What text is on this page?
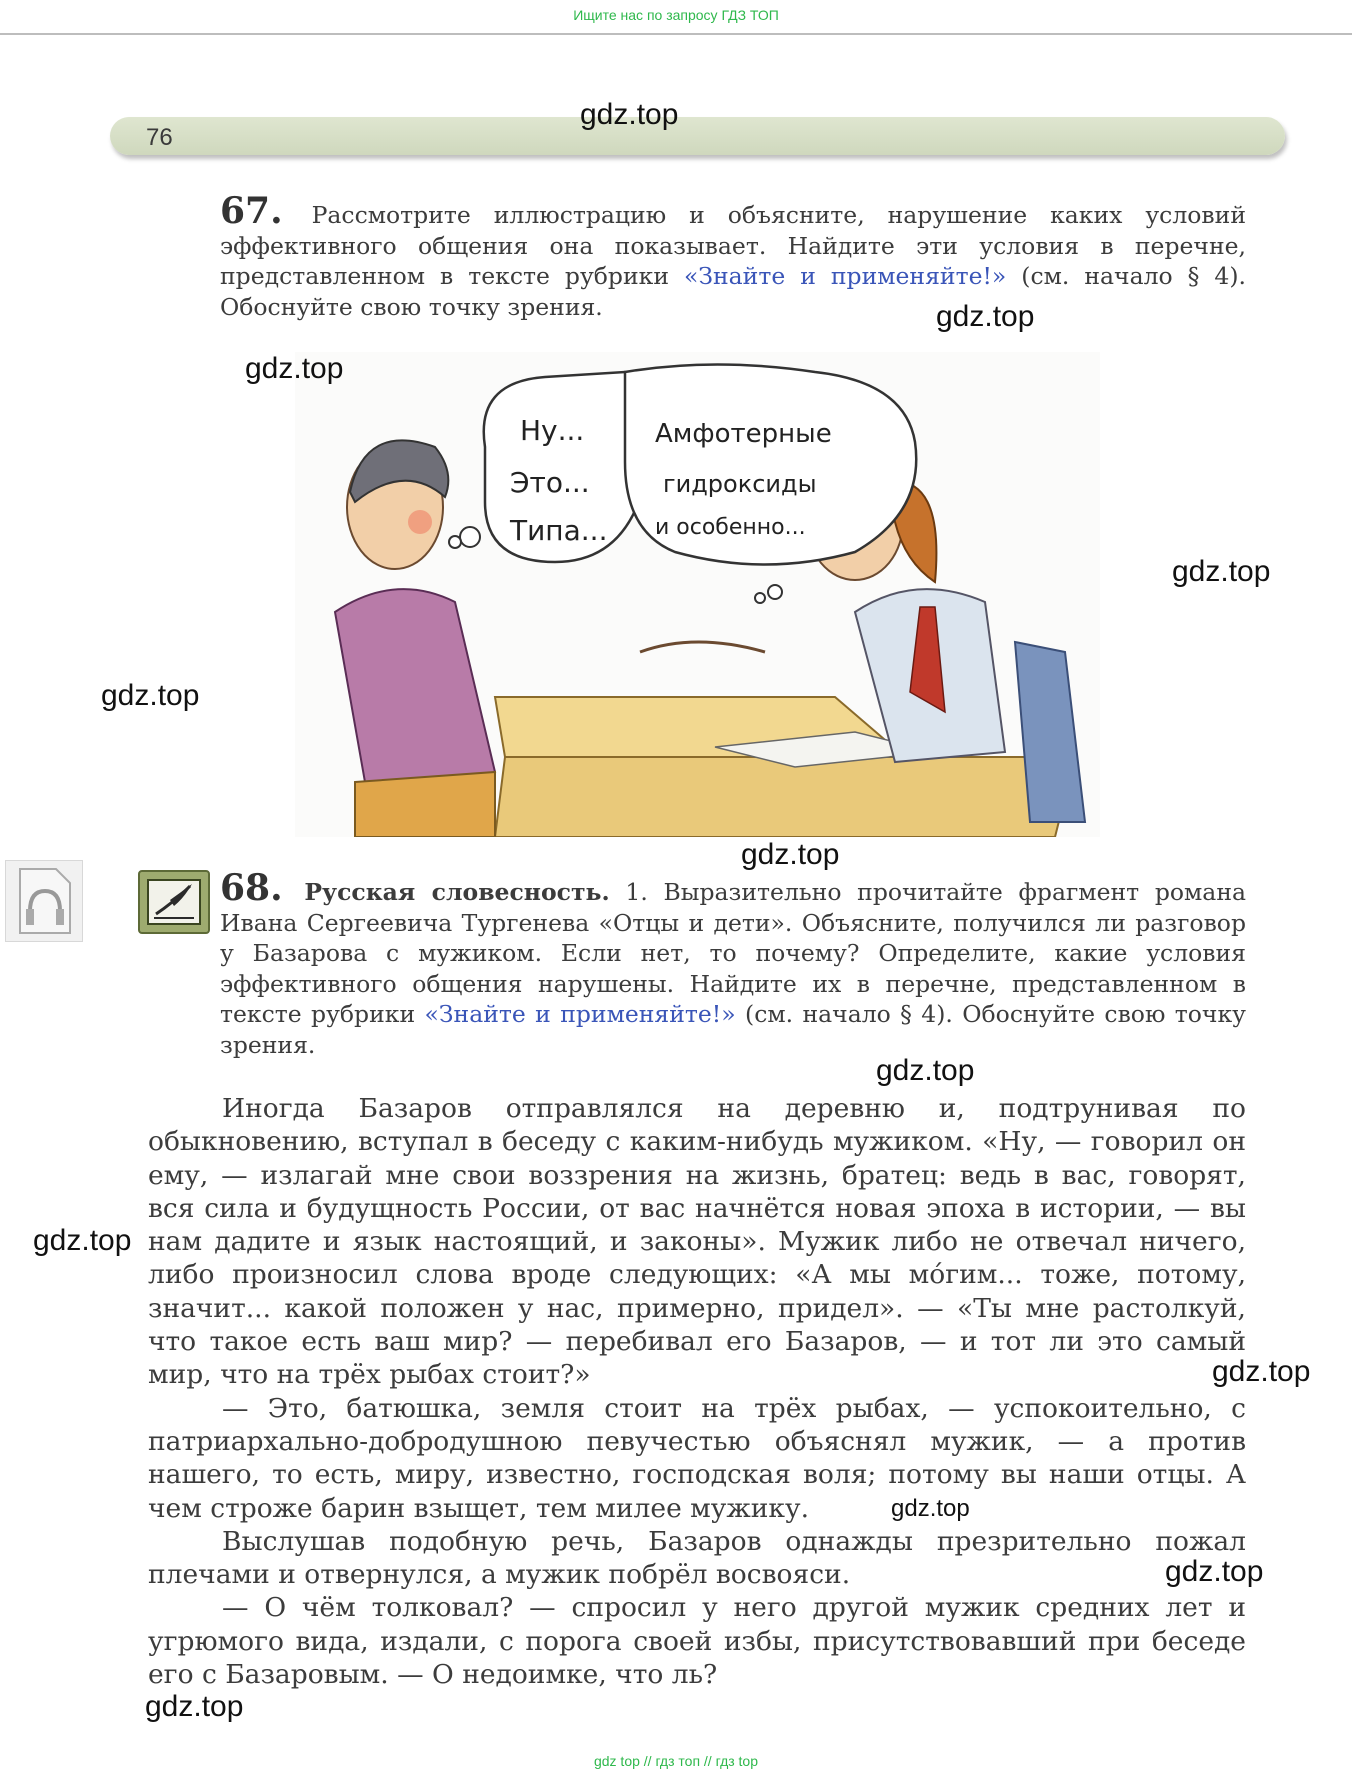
Ищите нас по запросу ГДЗ ТОП
76
67. Рассмотрите иллюстрацию и объясните, нарушение каких условий эффективного общения она показывает. Найдите эти условия в перечне, представленном в тексте рубрики «Знайте и применяйте!» (см. начало § 4). Обоснуйте свою точку зрения.
Ну...
Это...
Типа...
Амфотерные
гидроксиды
и особенно...
68. Русская словесность. 1. Выразительно прочитайте фрагмент романа Ивана Сергеевича Тургенева «Отцы и дети». Объясните, получился ли разговор у Базарова с мужиком. Если нет, то почему? Определите, какие условия эффективного общения нарушены. Найдите их в перечне, представленном в тексте рубрики «Знайте и применяйте!» (см. начало § 4). Обоснуйте свою точку зрения.

Иногда Базаров отправлялся на деревню и, подтрунивая по обыкновению, вступал в беседу с каким-нибудь мужиком. «Ну, — говорил он ему, — излагай мне свои воззрения на жизнь, братец: ведь в вас, говорят, вся сила и будущность России, от вас начнётся новая эпоха в истории, — вы нам дадите и язык настоящий, и законы». Мужик либо не отвечал ничего, либо произносил слова вроде следующих: «А мы мóгим... тоже, потому, значит... какой положен у нас, примерно, придел». — «Ты мне растолкуй, что такое есть ваш мир? — перебивал его Базаров, — и тот ли это самый мир, что на трёх рыбах стоит?»

— Это, батюшка, земля стоит на трёх рыбах, — успокоительно, с патриархально-добродушною певучестью объяснял мужик, — а против нашего, то есть, миру, известно, господская воля; потому вы наши отцы. А чем строже барин взыщет, тем милее мужику.

Выслушав подобную речь, Базаров однажды презрительно пожал плечами и отвернулся, а мужик побрёл восвояси.

— О чём толковал? — спросил у него другой мужик средних лет и угрюмого вида, издали, с порога своей избы, присутствовавший при беседе его с Базаровым. — О недоимке, что ль?

gdz.top
gdz.top
gdz.top
gdz.top
gdz.top
gdz.top
gdz.top
gdz.top
gdz.top
gdz.top
gdz.top
gdz.top
gdz top // гдз топ // гдз top
